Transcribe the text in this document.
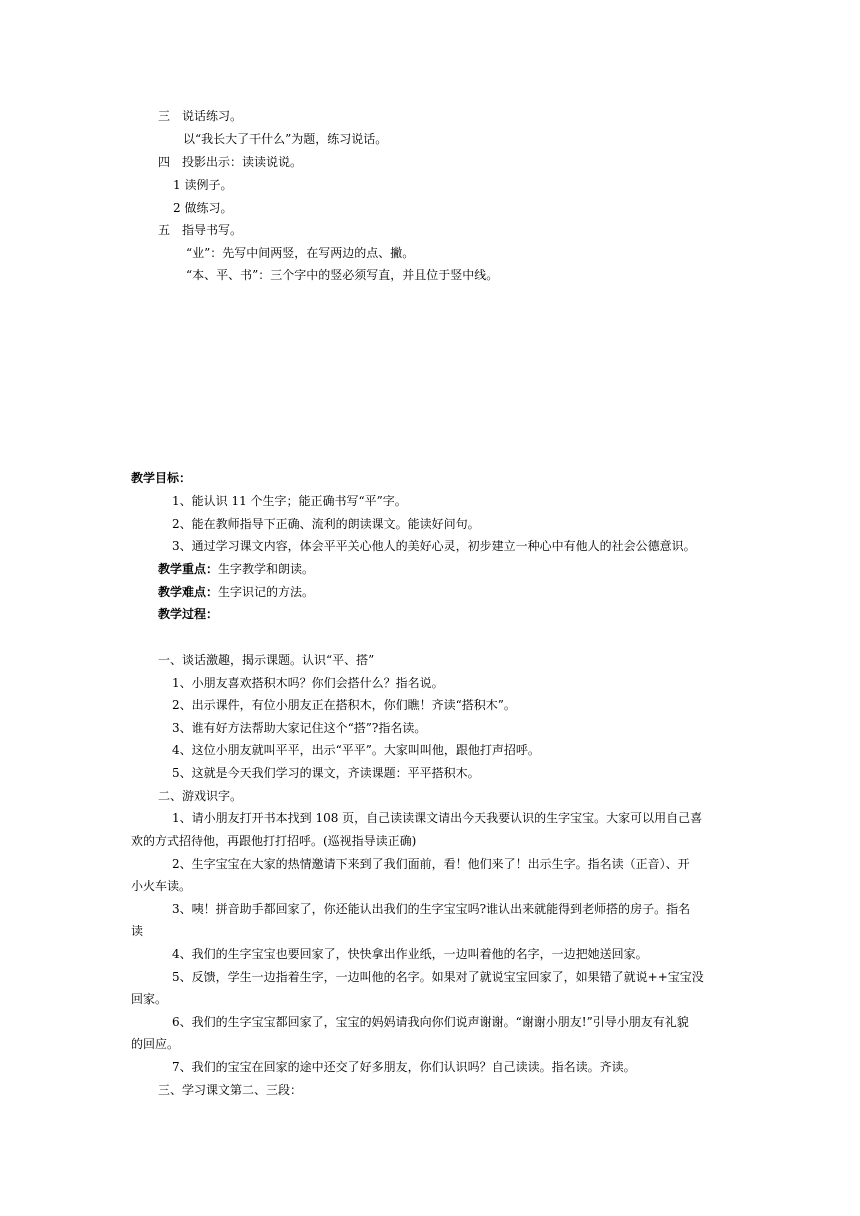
三　说话练习。

以“我长大了干什么”为题，练习说话。

四　投影出示：读读说说。

1 读例子。

2 做练习。

五　指导书写。

“业”：先写中间两竖，在写两边的点、撇。

“本、平、书”：三个字中的竖必须写直，并且位于竖中线。

教学目标：

1、能认识 11 个生字；能正确书写“平”字。

2、能在教师指导下正确、流利的朗读课文。能读好问句。

3、通过学习课文内容，体会平平关心他人的美好心灵，初步建立一种心中有他人的社会公德意识。

教学重点：生字教学和朗读。

教学难点：生字识记的方法。

教学过程：

一、谈话激趣，揭示课题。认识“平、搭”

1、小朋友喜欢搭积木吗？你们会搭什么？指名说。

2、出示课件，有位小朋友正在搭积木，你们瞧！齐读“搭积木”。

3、谁有好方法帮助大家记住这个“搭”?指名读。

4、这位小朋友就叫平平，出示“平平”。大家叫叫他，跟他打声招呼。

5、这就是今天我们学习的课文，齐读课题：平平搭积木。

二、游戏识字。

1、请小朋友打开书本找到 108 页，自己读读课文请出今天我要认识的生字宝宝。大家可以用自己喜

欢的方式招待他，再跟他打打招呼。(巡视指导读正确)

2、生字宝宝在大家的热情邀请下来到了我们面前，看！他们来了！出示生字。指名读（正音）、开

小火车读。

3、咦！拼音助手都回家了，你还能认出我们的生字宝宝吗?谁认出来就能得到老师搭的房子。指名

读

4、我们的生字宝宝也要回家了，快快拿出作业纸，一边叫着他的名字，一边把她送回家。

5、反馈，学生一边指着生字，一边叫他的名字。如果对了就说宝宝回家了，如果错了就说++宝宝没

回家。

6、我们的生字宝宝都回家了，宝宝的妈妈请我向你们说声谢谢。“谢谢小朋友!”引导小朋友有礼貌

的回应。

7、我们的宝宝在回家的途中还交了好多朋友，你们认识吗？自己读读。指名读。齐读。

三、学习课文第二、三段：
